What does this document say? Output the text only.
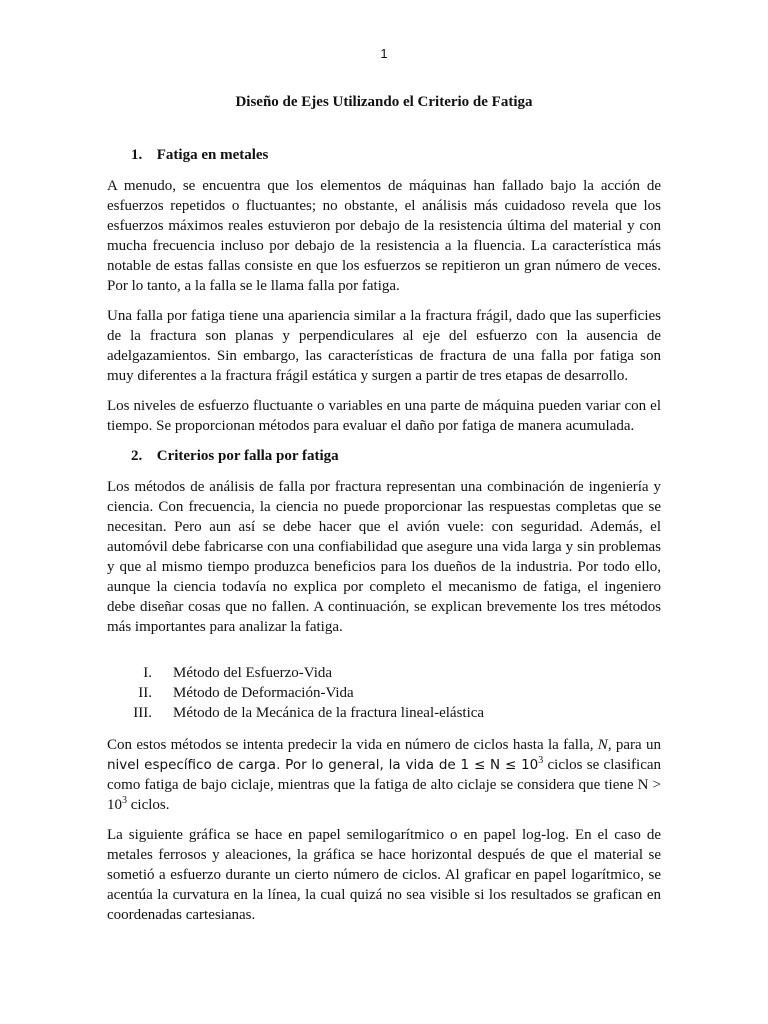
1
Diseño de Ejes Utilizando el Criterio de Fatiga
1. Fatiga en metales

A menudo, se encuentra que los elementos de máquinas han fallado bajo la acción de esfuerzos repetidos o fluctuantes; no obstante, el análisis más cuidadoso revela que los esfuerzos máximos reales estuvieron por debajo de la resistencia última del material y con mucha frecuencia incluso por debajo de la resistencia a la fluencia. La característica más notable de estas fallas consiste en que los esfuerzos se repitieron un gran número de veces. Por lo tanto, a la falla se le llama falla por fatiga.

Una falla por fatiga tiene una apariencia similar a la fractura frágil, dado que las superficies de la fractura son planas y perpendiculares al eje del esfuerzo con la ausencia de adelgazamientos. Sin embargo, las características de fractura de una falla por fatiga son muy diferentes a la fractura frágil estática y surgen a partir de tres etapas de desarrollo.

Los niveles de esfuerzo fluctuante o variables en una parte de máquina pueden variar con el tiempo. Se proporcionan métodos para evaluar el daño por fatiga de manera acumulada.

2. Criterios por falla por fatiga

Los métodos de análisis de falla por fractura representan una combinación de ingeniería y ciencia. Con frecuencia, la ciencia no puede proporcionar las respuestas completas que se necesitan. Pero aun así se debe hacer que el avión vuele: con seguridad. Además, el automóvil debe fabricarse con una confiabilidad que asegure una vida larga y sin problemas y que al mismo tiempo produzca beneficios para los dueños de la industria. Por todo ello, aunque la ciencia todavía no explica por completo el mecanismo de fatiga, el ingeniero debe diseñar cosas que no fallen. A continuación, se explican brevemente los tres métodos más importantes para analizar la fatiga.

I.	Método del Esfuerzo-Vida
II.	Método de Deformación-Vida
III.	Método de la Mecánica de la fractura lineal-elástica

Con estos métodos se intenta predecir la vida en número de ciclos hasta la falla, N, para un nivel específico de carga. Por lo general, la vida de $1 \le N \le 10^3$ ciclos se clasifican como fatiga de bajo ciclaje, mientras que la fatiga de alto ciclaje se considera que tiene $N > 10^3$ ciclos.

La siguiente gráfica se hace en papel semilogarítmico o en papel log-log. En el caso de metales ferrosos y aleaciones, la gráfica se hace horizontal después de que el material se sometió a esfuerzo durante un cierto número de ciclos. Al graficar en papel logarítmico, se acentúa la curvatura en la línea, la cual quizá no sea visible si los resultados se grafican en coordenadas cartesianas.
